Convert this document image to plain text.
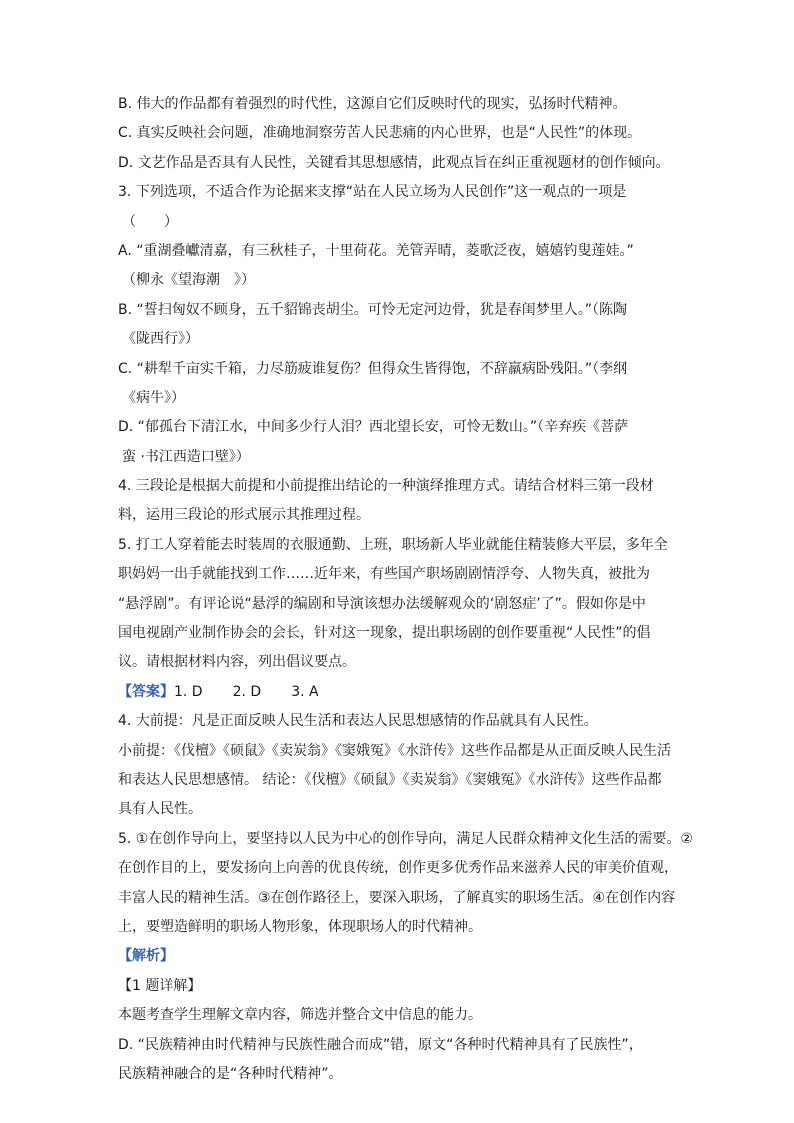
B. 伟大的作品都有着强烈的时代性，这源自它们反映时代的现实，弘扬时代精神。
C. 真实反映社会问题，准确地洞察劳苦人民悲痛的内心世界，也是“人民性”的体现。
D. 文艺作品是否具有人民性，关键看其思想感情，此观点旨在纠正重视题材的创作倾向。
3. 下列选项，不适合作为论据来支撑“站在人民立场为人民创作”这一观点的一项是
（　　）
A. “重湖叠巘清嘉，有三秋桂子，十里荷花。羌管弄晴，菱歌泛夜，嬉嬉钓叟莲娃。”
（柳永《望海潮　》）
B. “誓扫匈奴不顾身，五千貂锦丧胡尘。可怜无定河边骨，犹是春闺梦里人。”（陈陶
《陇西行》）
C. “耕犁千亩实千箱，力尽筋疲谁复伤？但得众生皆得饱，不辞羸病卧残阳。”（李纲
《病牛》）
D. “郁孤台下清江水，中间多少行人泪？西北望长安，可怜无数山。”（辛弃疾《菩萨
蛮 ·书江西造口壁》）
4. 三段论是根据大前提和小前提推出结论的一种演绎推理方式。请结合材料三第一段材
料，运用三段论的形式展示其推理过程。
5. 打工人穿着能去时装周的衣服通勤、上班，职场新人毕业就能住精装修大平层，多年全
职妈妈一出手就能找到工作……近年来，有些国产职场剧剧情浮夸、人物失真，被批为
“悬浮剧”。有评论说“悬浮的编剧和导演该想办法缓解观众的‘剧怒症’了”。假如你是中
国电视剧产业制作协会的会长，针对这一现象，提出职场剧的创作要重视“人民性”的倡
议。请根据材料内容，列出倡议要点。
【答案】1. D 2. D 3. A
4. 大前提：凡是正面反映人民生活和表达人民思想感情的作品就具有人民性。
小前提：《伐檀》《硕鼠》《卖炭翁》《窦娥冤》《水浒传》这些作品都是从正面反映人民生活
和表达人民思想感情。 结论：《伐檀》《硕鼠》《卖炭翁》《窦娥冤》《水浒传》这些作品都
具有人民性。
5. ①在创作导向上，要坚持以人民为中心的创作导向，满足人民群众精神文化生活的需要。②
在创作目的上，要发扬向上向善的优良传统，创作更多优秀作品来滋养人民的审美价值观，
丰富人民的精神生活。③在创作路径上，要深入职场，了解真实的职场生活。④在创作内容
上，要塑造鲜明的职场人物形象，体现职场人的时代精神。
【解析】
【1 题详解】
本题考查学生理解文章内容，筛选并整合文中信息的能力。
D. “民族精神由时代精神与民族性融合而成”错，原文“各种时代精神具有了民族性”，
民族精神融合的是“各种时代精神”。
